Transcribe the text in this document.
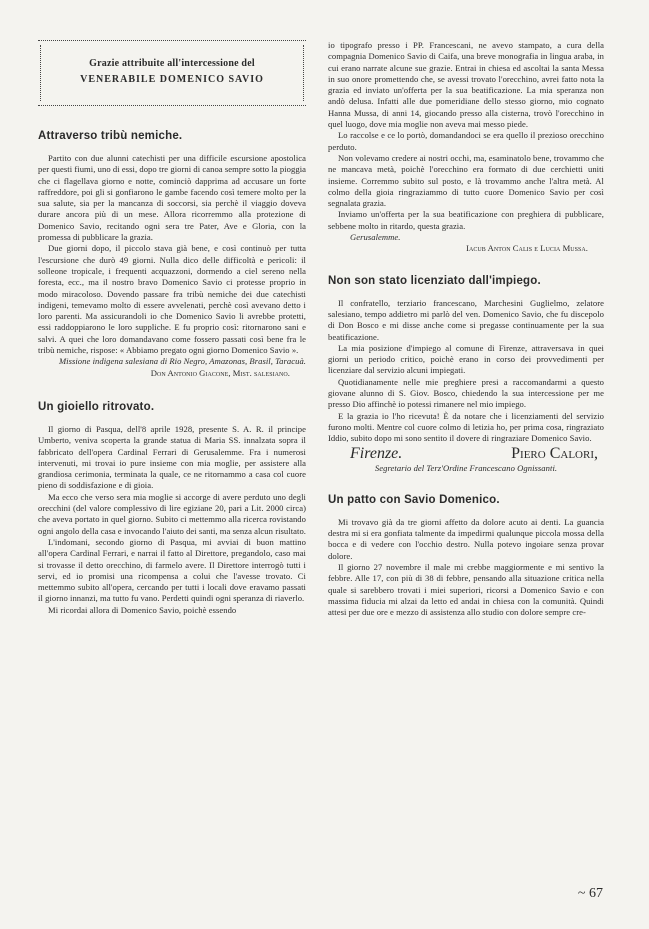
Grazie attribuite all'intercessione del
VENERABILE DOMENICO SAVIO
Attraverso tribù nemiche.

Partito con due alunni catechisti per una difficile escursione apostolica per questi fiumi, uno di essi, dopo tre giorni di canoa sempre sotto la pioggia che ci flagellava giorno e notte, cominciò dapprima ad accusare un forte raffreddore, poi gli si gonfiarono le gambe facendo così temere molto per la sua salute, sia per la mancanza di soccorsi, sia perchè il viaggio doveva durare ancora più di un mese. Allora ricorremmo alla protezione di Domenico Savio, recitando ogni sera tre Pater, Ave e Gloria, con la promessa di pubblicare la grazia.

Due giorni dopo, il piccolo stava già bene, e così continuò per tutta l'escursione che durò 49 giorni. Nulla dico delle difficoltà e pericoli: il solleone tropicale, i frequenti acquazzoni, dormendo a ciel sereno nella foresta, ecc., ma il nostro bravo Domenico Savio ci protesse proprio in modo miracoloso. Dovendo passare fra tribù nemiche dei due catechisti indigeni, temevamo molto di essere avvelenati, perchè così avevano detto i loro parenti. Ma assicurandoli io che Domenico Savio li avrebbe protetti, essi raddoppiarono le loro suppliche. E fu proprio così: ritornarono sani e salvi. A quei che loro domandavano come fossero passati così bene fra le tribù nemiche, rispose: « Abbiamo pregato ogni giorno Domenico Savio ».

Missione indigena salesiana di Rio Negro, Amazonas, Brasil, Taracuà.

Don Antonio Giacone, Mist. salesiano.

Un gioiello ritrovato.

Il giorno di Pasqua, dell'8 aprile 1928, presente S. A. R. il principe Umberto, veniva scoperta la grande statua di Maria SS. innalzata sopra il fabbricato dell'opera Cardinal Ferrari di Gerusalemme. Fra i numerosi intervenuti, mi trovai io pure insieme con mia moglie, per assistere alla grandiosa cerimonia, terminata la quale, ce ne ritornammo a casa col cuore pieno di soddisfazione e di gioia.

Ma ecco che verso sera mia moglie si accorge di avere perduto uno degli orecchini (del valore complessivo di lire egiziane 20, pari a Lit. 2000 circa) che aveva portato in quel giorno. Subito ci mettemmo alla ricerca rovistando ogni angolo della casa e invocando l'aiuto dei santi, ma senza alcun risultato.

L'indomani, secondo giorno di Pasqua, mi avviai di buon mattino all'opera Cardinal Ferrari, e narrai il fatto al Direttore, pregandolo, caso mai si trovasse il detto orecchino, di farmelo avere. Il Direttore interrogò tutti i servi, ed io promisi una ricompensa a colui che l'avesse trovato. Ci mettemmo subito all'opera, cercando per tutti i locali dove eravamo passati il giorno innanzi, ma tutto fu vano. Perdetti quindi ogni speranza di riaverlo.

Mi ricordai allora di Domenico Savio, poichè essendo

io tipografo presso i PP. Francescani, ne avevo stampato, a cura della compagnia Domenico Savio di Caifa, una breve monografia in lingua araba, in cui erano narrate alcune sue grazie. Entrai in chiesa ed ascoltai la santa Messa in suo onore promettendo che, se avessi trovato l'orecchino, avrei fatto nota la grazia ed inviato un'offerta per la sua beatificazione. La mia speranza non andò delusa. Infatti alle due pomeridiane dello stesso giorno, mio cognato Hanna Mussa, di anni 14, giocando presso alla cisterna, trovò l'orecchino in quel luogo, dove mia moglie non aveva mai messo piede.

Lo raccolse e ce lo portò, domandandoci se era quello il prezioso orecchino perduto.

Non volevamo credere ai nostri occhi, ma, esaminatolo bene, trovammo che ne mancava metà, poichè l'orecchino era formato di due cerchietti uniti insieme. Corremmo subito sul posto, e là trovammo anche l'altra metà. Al colmo della gioia ringraziammo di tutto cuore Domenico Savio per così segnalata grazia.

Inviamo un'offerta per la sua beatificazione con preghiera di pubblicare, sebbene molto in ritardo, questa grazia.

Gerusalemme.

Iacub Anton Calis e Lucia Mussa.

Non son stato licenziato dall'impiego.

Il confratello, terziario francescano, Marchesini Guglielmo, zelatore salesiano, tempo addietro mi parlò del ven. Domenico Savio, che fu discepolo di Don Bosco e mi disse anche come si pregasse continuamente per la sua beatificazione.

La mia posizione d'impiego al comune di Firenze, attraversava in quei giorni un periodo critico, poichè erano in corso dei provvedimenti per licenziare dal servizio alcuni impiegati.

Quotidianamente nelle mie preghiere presi a raccomandarmi a questo giovane alunno di S. Giov. Bosco, chiedendo la sua intercessione per me presso Dio affinchè io potessi rimanere nel mio impiego.

E la grazia io l'ho ricevuta! È da notare che i licenziamenti del servizio furono molti. Mentre col cuore colmo di letizia ho, per prima cosa, ringraziato Iddio, subito dopo mi sono sentito il dovere di ringraziare Domenico Savio.

Firenze.	Piero Calori,

Segretario del Terz'Ordine Francescano Ognissanti.

Un patto con Savio Domenico.

Mi trovavo già da tre giorni affetto da dolore acuto ai denti. La guancia destra mi si era gonfiata talmente da impedirmi qualunque piccola mossa della bocca e di vedere con l'occhio destro. Nulla potevo ingoiare senza provar dolore.

Il giorno 27 novembre il male mi crebbe maggiormente e mi sentivo la febbre. Alle 17, con più di 38 di febbre, pensando alla situazione critica nella quale si sarebbero trovati i miei superiori, ricorsi a Domenico Savio e con massima fiducia mi alzai da letto ed andai in chiesa con la comunità. Quindi attesi per due ore e mezzo di assistenza allo studio con dolore sempre cre-

~ 67
